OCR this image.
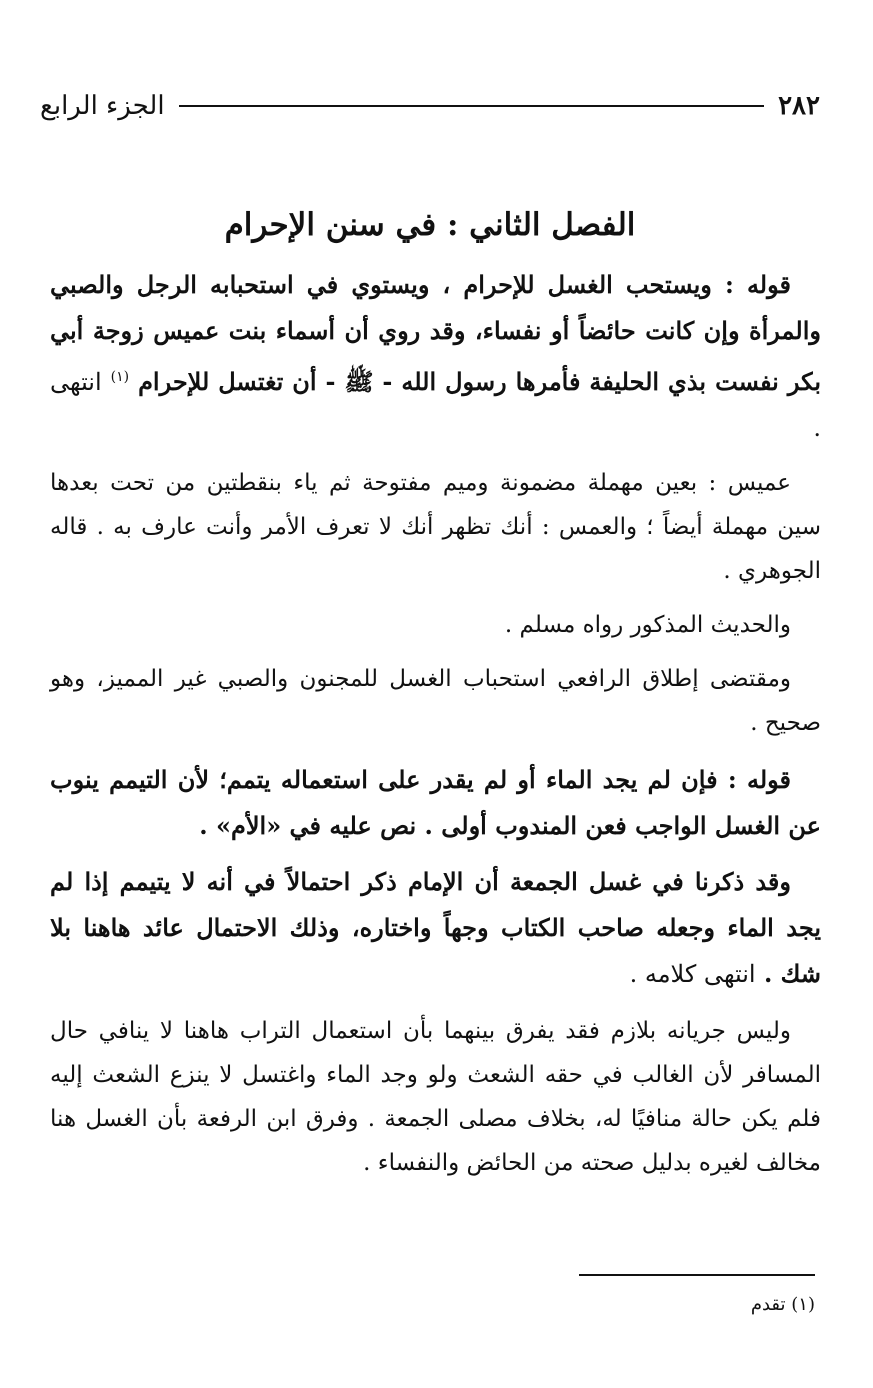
٢٨٢
الجزء الرابع
الفصل الثاني : في سنن الإحرام

قوله : ويستحب الغسل للإحرام ، ويستوي في استحبابه الرجل والصبي والمرأة وإن كانت حائضاً أو نفساء، وقد روي أن أسماء بنت عميس زوجة أبي بكر نفست بذي الحليفة فأمرها رسول الله - ﷺ - أن تغتسل للإحرام $^{(١)}$ انتهى .

عميس : بعين مهملة مضمونة وميم مفتوحة ثم ياء بنقطتين من تحت بعدها سين مهملة أيضاً ؛ والعمس : أنك تظهر أنك لا تعرف الأمر وأنت عارف به . قاله الجوهري .

والحديث المذكور رواه مسلم .

ومقتضى إطلاق الرافعي استحباب الغسل للمجنون والصبي غير المميز، وهو صحيح .

قوله : فإن لم يجد الماء أو لم يقدر على استعماله يتمم؛ لأن التيمم ينوب عن الغسل الواجب فعن المندوب أولى . نص عليه في «الأم» .

وقد ذكرنا في غسل الجمعة أن الإمام ذكر احتمالاً في أنه لا يتيمم إذا لم يجد الماء وجعله صاحب الكتاب وجهاً واختاره، وذلك الاحتمال عائد هاهنا بلا شك . انتهى كلامه .

وليس جريانه بلازم فقد يفرق بينهما بأن استعمال التراب هاهنا لا ينافي حال المسافر لأن الغالب في حقه الشعث ولو وجد الماء واغتسل لا ينزع الشعث إليه فلم يكن حالة منافيًا له، بخلاف مصلى الجمعة . وفرق ابن الرفعة بأن الغسل هنا مخالف لغيره بدليل صحته من الحائض والنفساء .

(١) تقدم
